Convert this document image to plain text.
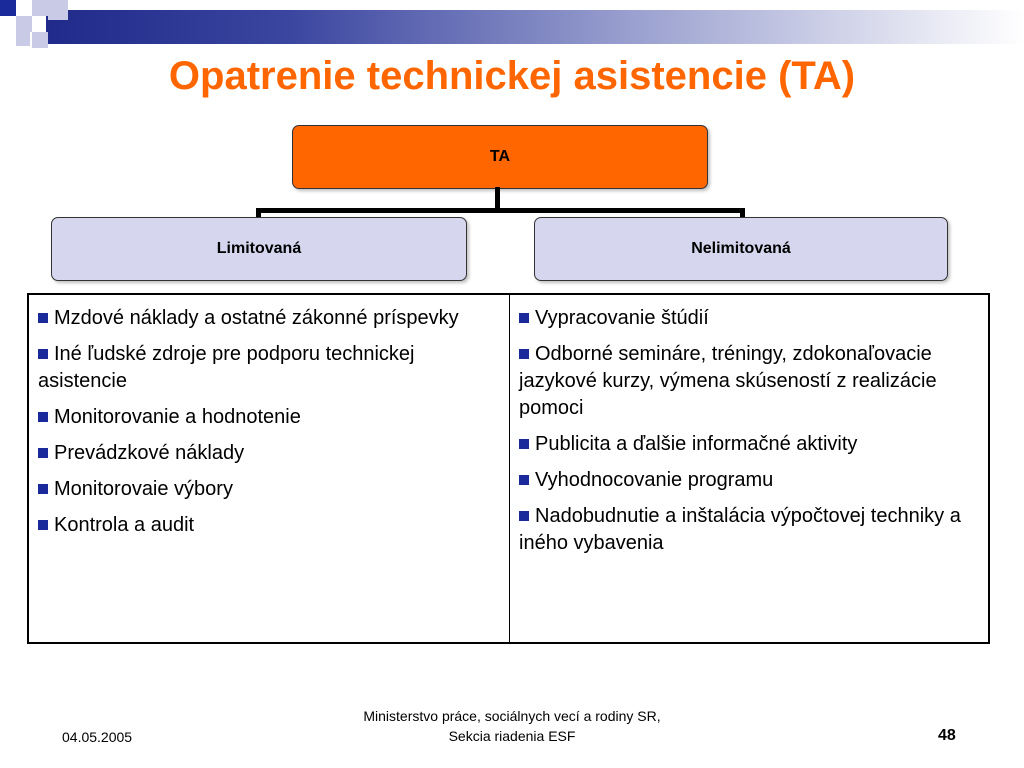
Opatrenie technickej asistencie (TA)
TA
Limitovaná	Nelimitovaná
Mzdové náklady a ostatné zákonné príspevky
Iné ľudské zdroje pre podporu technickej asistencie
Monitorovanie a hodnotenie
Prevádzkové náklady
Monitorovaie výbory
Kontrola a audit
Vypracovanie štúdií
Odborné semináre, tréningy, zdokonaľovacie jazykové kurzy, výmena skúseností z realizácie pomoci
Publicita a ďalšie informačné aktivity
Vyhodnocovanie programu
Nadobudnutie a inštalácia výpočtovej techniky a iného vybavenia
04.05.2005
Ministerstvo práce, sociálnych vecí a rodiny SR, Sekcia riadenia ESF	48
